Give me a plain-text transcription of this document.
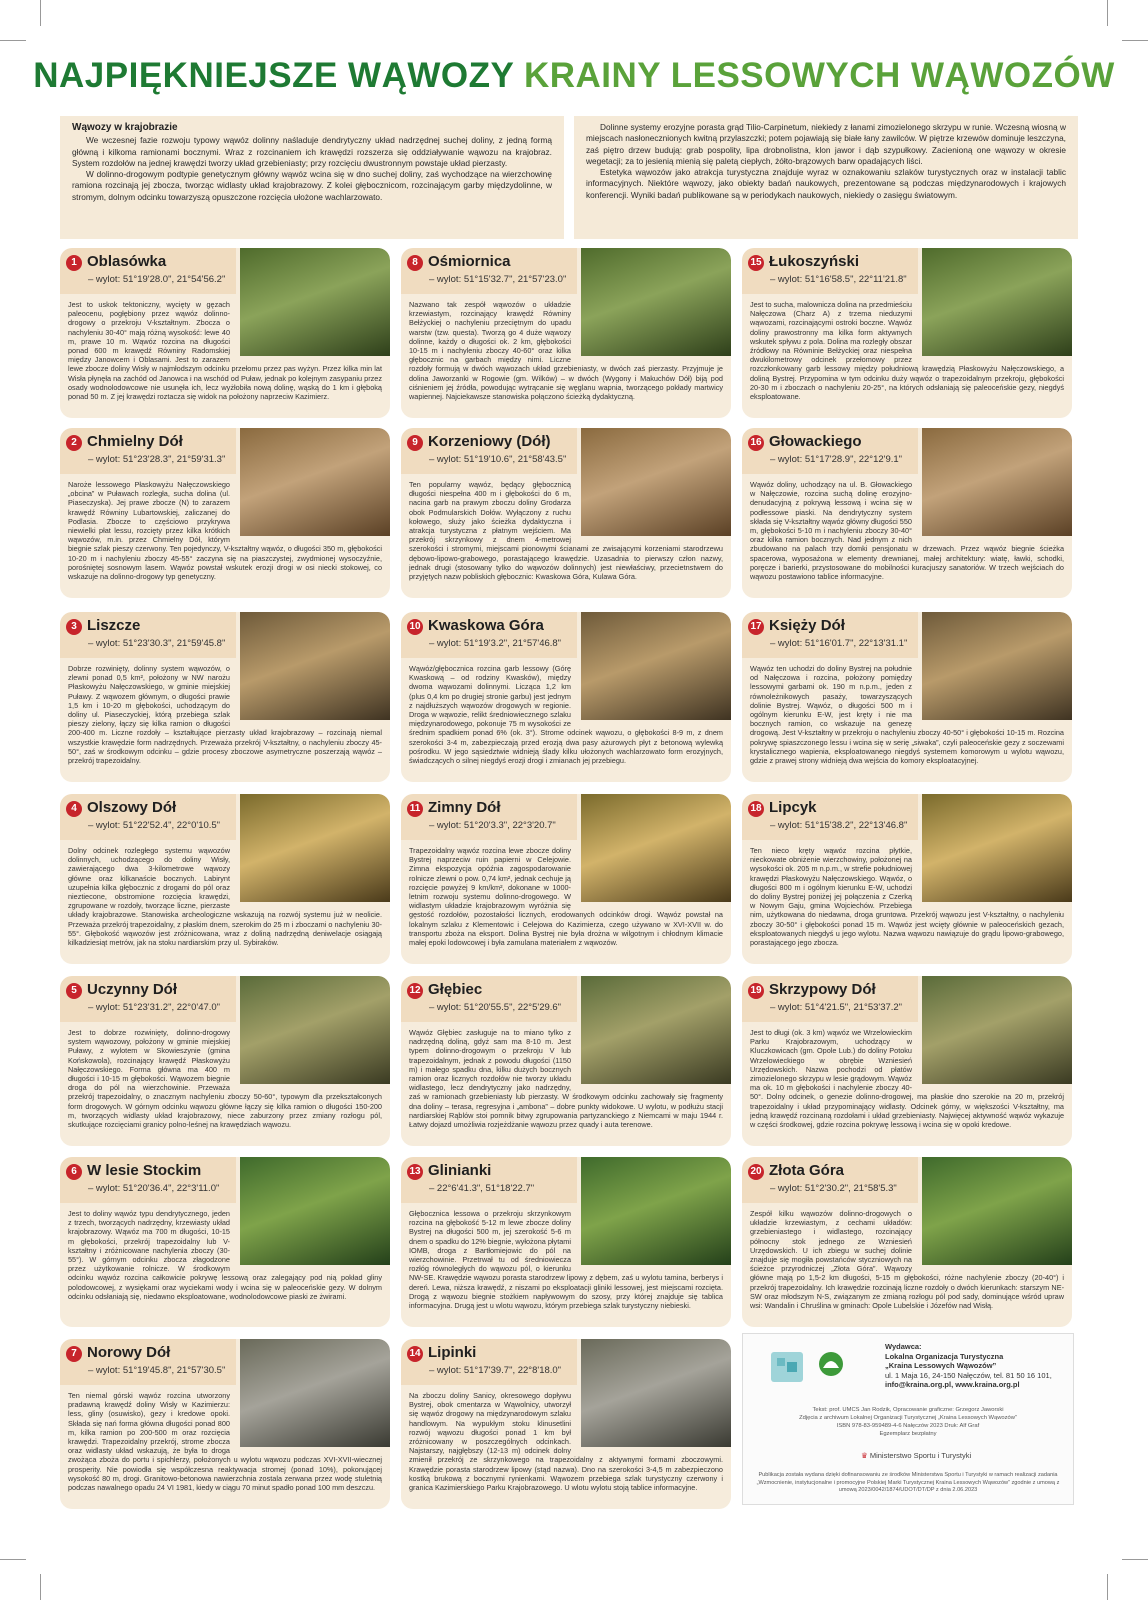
NAJPIĘKNIEJSZE WĄWOZY KRAINY LESSOWYCH WĄWOZÓW
Wąwozy w krajobrazie

We wczesnej fazie rozwoju typowy wąwóz dolinny naśladuje dendrytyczny układ nadrzędnej suchej doliny, z jedną formą główną i kilkoma ramionami bocznymi. Wraz z rozcinaniem ich krawędzi rozszerza się oddziaływanie wąwozu na krajobraz. System rozdołów na jednej krawędzi tworzy układ grzebieniasty; przy rozcięciu dwustronnym powstaje układ pierzasty.

W dolinno-drogowym podtypie genetycznym główny wąwóz wcina się w dno suchej doliny, zaś wychodzące na wierzchowinę ramiona rozcinają jej zbocza, tworząc widlasty układ krajobrazowy. Z kolei głębocznicom, rozcinającym garby międzydolinne, w stromym, dolnym odcinku towarzyszą opuszczone rozcięcia ułożone wachlarzowato.

Dolinne systemy erozyjne porasta grąd Tilio-Carpinetum, niekiedy z łanami zimozielonego skrzypu w runie. Wczesną wiosną w miejscach nasłonecznionych kwitną przylaszczki; potem pojawiają się białe łany zawilców. W piętrze krzewów dominuje leszczyna, zaś piętro drzew budują: grab pospolity, lipa drobnolistna, klon jawor i dąb szypułkowy. Zacienioną one wąwozy w okresie wegetacji; za to jesienią mienią się paletą ciepłych, żółto-brązowych barw opadających liści.

Estetyka wąwozów jako atrakcja turystyczna znajduje wyraz w oznakowaniu szlaków turystycznych oraz w instalacji tablic informacyjnych. Niektóre wąwozy, jako obiekty badań naukowych, prezentowane są podczas międzynarodowych i krajowych konferencji. Wyniki badań publikowane są w periodykach naukowych, niekiedy o zasięgu światowym.

1 Oblasówka
– wylot: 51°19'28.0", 21°54'56.2"
Jest to uskok tektoniczny, wycięty w gęzach paleocenu, pogłębiony przez wąwóz dolinno-drogowy o przekroju V-kształtnym. Zbocza o nachyleniu 30-40° mają różną wysokość: lewe 40 m, prawe 10 m. Wąwóz rozcina na długości ponad 600 m krawędź Równiny Radomskiej między Janowcem i Oblasami. Jest to zarazem lewe zbocze doliny Wisły w najmłodszym odcinku przełomu przez pas wyżyn. Przez kilka min lat Wisła płynęła na zachód od Janowca i na wschód od Puław, jednak po kolejnym zasypaniu przez osady wodnolodowcowe nie usunęła ich, lecz wyżłobiła nową dolinę, wąską do 1 km i głęboką ponad 50 m. Z jej krawędzi roztacza się widok na położony naprzeciw Kazimierz.
2 Chmielny Dół
– wylot: 51°23'28.3", 21°59'31.3"
Naroże lessowego Płaskowyżu Nałęczowskiego „obcina” w Puławach rozległa, sucha dolina (ul. Piaseczyska). Jej prawe zbocze (N) to zarazem krawędź Równiny Lubartowskiej, zaliczanej do Podlasia. Zbocze to częściowo przykrywa niewielki płat lessu, rozcięty przez kilka krótkich wąwozów, m.in. przez Chmielny Dół, którym biegnie szlak pieszy czerwony. Ten pojedynczy, V-kształtny wąwóz, o długości 350 m, głębokości 10-20 m i nachyleniu zboczy 45-55° zaczyna się na piaszczystej, zwydmionej wysoczyźnie, porośniętej sosnowym lasem. Wąwóz powstał wskutek erozji drogi w osi niecki stokowej, co wskazuje na dolinno-drogowy typ genetyczny.
3 Liszcze
– wylot: 51°23'30.3", 21°59'45.8"
Dobrze rozwinięty, dolinny system wąwozów, o zlewni ponad 0,5 km², położony w NW narożu Płaskowyżu Nałęczowskiego, w gminie miejskiej Puławy. Z wąwozem głównym, o długości prawie 1,5 km i 10-20 m głębokości, uchodzącym do doliny ul. Piaseczyckiej, którą przebiega szlak pieszy zielony, łączy się kilka ramion o długości 200-400 m. Liczne rozdoły – kształtujące pierzasty układ krajobrazowy – rozcinają niemal wszystkie krawędzie form nadrzędnych. Przeważa przekrój V-kształtny, o nachyleniu zboczy 45-50°, zaś w środkowym odcinku – gdzie procesy zboczowe asymetryczne poszerzają wąwóz – przekrój trapezoidalny.
4 Olszowy Dół
– wylot: 51°22'52.4", 22°0'10.5"
Dolny odcinek rozległego systemu wąwozów dolinnych, uchodzącego do doliny Wisły, zawierającego dwa 3-kilometrowe wąwozy główne oraz kilkanaście bocznych. Labirynt uzupełnia kilka głębocznic z drogami do pól oraz nieztiecone, obstromione rozcięcia krawędzi, zgrupowane w rozdoły, tworzące liczne, pierzaste układy krajobrazowe. Stanowiska archeologiczne wskazują na rozwój systemu już w neolicie. Przeważa przekrój trapezoidalny, z płaskim dnem, szerokim do 25 m i zboczami o nachyleniu 30-55°. Głębokość wąwozów jest zróżnicowana, wraz z doliną nadrzędną deniwelacje osiągają kilkadziesiąt metrów, jak na stoku nardiarskim przy ul. Sybiraków.
5 Uczynny Dół
– wylot: 51°23'31.2", 22°0'47.0"
Jest to dobrze rozwinięty, dolinno-drogowy system wąwozowy, położony w gminie miejskiej Puławy, z wylotem w Skowieszynie (gmina Końskowola), rozcinający krawędź Płaskowyżu Nałęczowskiego. Forma główna ma 400 m długości i 10-15 m głębokości. Wąwozem biegnie droga do pól na wierzchowinie. Przeważa przekrój trapezoidalny, o znacznym nachyleniu zboczy 50-60°, typowym dla przekształconych form drogowych. W górnym odcinku wąwozu główne łączy się kilka ramion o długości 150-200 m, tworzących widlasty układ krajobrazowy, niece zaburzony przez zmiany rozłogu pól, skutkujące rozcięciami granicy polno-leśnej na krawędziach wąwozu.
6 W lesie Stockim
– wylot: 51°20'36.4", 22°3'11.0"
Jest to doliny wąwóz typu dendrytycznego, jeden z trzech, tworzących nadrzędny, krzewiasty układ krajobrazowy. Wąwóz ma 700 m długości, 10-15 m głębokości, przekrój trapezoidalny lub V-kształtny i zróżnicowane nachylenia zboczy (30-55°). W górnym odcinku zbocza złagodzone przez użytkowanie rolnicze. W środkowym odcinku wąwóz rozcina całkowicie pokrywę lessową oraz zalegający pod nią pokład gliny polodowcowej, z wysiękami oraz wyciekami wody i wcina się w paleoceńskie gezy. W dolnym odcinku odsłaniają się, niedawno eksploatowane, wodnolodowcowe piaski ze żwirami.
7 Norowy Dół
– wylot: 51°19'45.8", 21°57'30.5"
Ten niemal górski wąwóz rozcina utworzony pradawną krawędź doliny Wisły w Kazimierzu: less, gliny (osuwisko), gezy i kredowe opoki. Składa się nań forma główna długości ponad 800 m, kilka ramion po 200-500 m oraz rozcięcia krawędzi. Trapezoidalny przekrój, strome zbocza oraz widlasty układ wskazują, że była to droga zwożąca zboża do portu i spichlerzy, położonych u wylotu wąwozu podczas XVI-XVII-wiecznej prosperity. Nie powiodła się współczesna reaktywacja stromej (ponad 10%), pokonującej wysokość 80 m, drogi. Granitowo-betonowa nawierzchnia zostala zerwana przez wodę stuletnią podczas nawalnego opadu 24 VI 1981, kiedy w ciągu 70 minut spadło ponad 100 mm deszczu.
8 Ośmiornica
– wylot: 51°15'32.7", 21°57'23.0"
Nazwano tak zespół wąwozów o układzie krzewiastym, rozcinający krawędź Równiny Bełżyckiej o nachyleniu przeciętnym do upadu warstw (tzw. questa). Tworzą go 4 duże wąwozy dolinne, każdy o długości ok. 2 km, głębokości 10-15 m i nachyleniu zboczy 40-60° oraz kilka głębocznic na garbach między nimi. Liczne rozdoły formują w dwóch wąwozach układ grzebieniasty, w dwóch zaś pierzasty. Przyjmuje je dolina Jaworzanki w Rogowie (gm. Wilków) – w dwóch (Wygony i Makuchów Dół) biją pod ciśnieniem jej źródła, powodując wytrącanie się węglanu wapnia, tworzącego pokłady martwicy wapiennej. Najciekawsze stanowiska połączono ścieżką dydaktyczną.
9 Korzeniowy (Dół)
– wylot: 51°19'10.6", 21°58'43.5"
Ten popularny wąwóz, będący głębocznicą długości niespełna 400 m i głębokości do 6 m, nacina garb na prawym zboczu doliny Grodarza obok Podmularskich Dołów. Wyłączony z ruchu kołowego, służy jako ścieżka dydaktyczna i atrakcja turystyczna z płatnym wejściem. Ma przekrój skrzynkowy z dnem 4-metrowej szerokości i stromymi, miejscami pionowymi ścianami ze zwisającymi korzeniami starodrzewu dębowo-lipowo-grabowego, porastającego krawędzie. Uzasadnia to pierwszy człon nazwy, jednak drugi (stosowany tylko do wąwozów dolinnych) jest niewłaściwy, przecietnstwem do przyjętych nazw pobliskich głębocznic: Kwaskowa Góra, Kulawa Góra.
10 Kwaskowa Góra
– wylot: 51°19'3.2", 21°57'46.8"
Wąwóz/głębocznica rozcina garb lessowy (Górę Kwaskową – od rodziny Kwasków), między dwoma wąwozami dolinnymi. Licząca 1,2 km (plus 0,4 km po drugiej stronie garbu) jest jednym z najdłuższych wąwozów drogowych w regionie. Droga w wąwozie, relikt średniowiecznego szlaku międzynarodowego, pokonuje 75 m wysokości ze średnim spadkiem ponad 6% (ok. 3°). Strome odcinek wąwozu, o głębokości 8-9 m, z dnem szerokości 3-4 m, zabezpieczają przed erozją dwa pasy ażurowych płyt z betonową wylewką pośrodku. W jego sąsiedztwie widnieją ślady kilku ułożonych wachlarzowato form erozyjnych, świadczących o silnej niegdyś erozji drogi i zmianach jej przebiegu.
11 Zimny Dół
– wylot: 51°20'3.3", 22°3'20.7"
Trapezoidalny wąwóz rozcina lewe zbocze doliny Bystrej naprzeciw ruin papierni w Celejowie. Zimna ekspozycja opóźnia zagospodarowanie rolnicze zlewni o pow. 0,74 km², jednak cechuje ją rozcięcie powyżej 9 km/km², dokonane w 1000-letnim rozwoju systemu dolinno-drogowego. W widlastym układzie krajobrazowym wyróżnia się gęstość rozdołów, pozostałości licznych, erodowanych odcinków drogi. Wąwóz powstał na lokalnym szlaku z Klementowic i Celejowa do Kazimierza, czego używano w XVI-XVII w. do transportu zboża na eksport. Dolina Bystrej nie była drożna w wilgotnym i chłodnym klimacie małej epoki lodowcowej i była zamulana materiałem z wąwozów.
12 Głębiec
– wylot: 51°20'55.5", 22°5'29.6"
Wąwóz Głębiec zasługuje na to miano tylko z nadrzędną doliną, gdyż sam ma 8-10 m. Jest typem dolinno-drogowym o przekroju V lub trapezoidalnym, jednak z powodu długości (1150 m) i małego spadku dna, kilku dużych bocznych ramion oraz licznych rozdołów nie tworzy układu widlastego, lecz dendrytyczny jako nadrzędny, zaś w ramionach grzebieniasty lub pierzasty. W środkowym odcinku zachowały się fragmenty dna doliny – terasa, regresyjna i „ambona” – dobre punkty widokowe. U wylotu, w podłużu stacji nardiarskiej Rąblów stoi pomnik bitwy zgrupowania partyzanckiego z Niemcami w maju 1944 r. Łatwy dojazd umożliwia rozjeżdżanie wąwozu przez quady i auta terenowe.
13 Glinianki
– 22°6'41.3", 51°18'22.7"
Głębocznica lessowa o przekroju skrzynkowym rozcina na głębokość 5-12 m lewe zbocze doliny Bystrej na długości 500 m, jej szerokość 5-6 m dnem o spadku do 12% biegnie, wyłożona płytami IOMB, droga z Bartłomiejowic do pól na wierzchowinie. Przetrwał tu od średniowiecza rozłóg równoległych do wąwozu pól, o kierunku NW-SE. Krawędzie wąwozu porasta starodrzew lipowy z dębem, zaś u wylotu tamina, berberys i dereń. Lewa, niższa krawędź, z niszami po eksploatacji gliniki lessowej, jest miejscami rozcięta. Drogą z wąwozu biegnie stożkiem napływowym do szosy, przy której znajduje się tablica informacyjna. Drugą jest u wlotu wąwozu, którym przebiega szlak turystyczny niebieski.
14 Lipinki
– wylot: 51°17'39.7", 22°8'18.0"
Na zboczu doliny Sanicy, okresowego dopływu Bystrej, obok cmentarza w Wąwolnicy, utworzył się wąwóz drogowy na międzynarodowym szlaku handlowym. Na wypukłym stoku klinusetlini rozwój wąwozu długości ponad 1 km był zróżnicowany w poszczególnych odcinkach. Najstarszy, najgłębszy (12-13 m) odcinek dolny zmienił przekrój ze skrzynkowego na trapezoidalny z aktywnymi formami zboczowymi. Krawędzie porasta starodrzew lipowy (stąd nazwa). Dno na szerokości 3-4,5 m zabezpieczono kostką brukową z bocznymi rynienkami. Wąwozem przebiega szlak turystyczny czerwony i granica Kazimierskiego Parku Krajobrazowego. U wlotu wylotu stoją tablice informacyjne.
15 Łukoszyński
– wylot: 51°16'58.5", 22°11'21.8"
Jest to sucha, malownicza dolina na przedmieściu Nałęczowa (Charz A) z trzema nieduzymi wąwozami, rozcinającymi ostroki boczne. Wąwóz doliny prawostronny ma kilka form aktywnych wskutek spływu z pola. Dolina ma rozległy obszar źródłowy na Równinie Bełżyckiej oraz niespełna dwukilometrowy odcinek przełomowy przez rozczłonkowany garb lessowy między południową krawędzią Płaskowyżu Nałęczowskiego, a doliną Bystrej. Przypomina w tym odcinku duży wąwóz o trapezoidalnym przekroju, głębokości 20-30 m i zboczach o nachyleniu 20-25°, na których odsłaniają się paleoceńskie gezy, niegdyś eksploatowane.
16 Głowackiego
– wylot: 51°17'28.9", 22°12'9.1"
Wąwóz doliny, uchodzący na ul. B. Głowackiego w Nałęczowie, rozcina suchą dolinę erozyjno-denudacyjną z pokrywą lessową i wcina się w podłessowe piaski. Na dendrytyczny system składa się V-kształtny wąwóz główny długości 550 m, głębokości 5-10 m i nachyleniu zboczy 30-40° oraz kilka ramion bocznych. Nad jednym z nich zbudowano na palach trzy domki pensjonatu w drzewach. Przez wąwóz biegnie ścieżka spacerowa, wyposażona w elementy drewnianej, małej architektury: wiatę, ławki, schodki, poręcze i barierki, przystosowane do mobilności kuracjuszy sanatoriów. W trzech wejściach do wąwozu postawiono tablice informacyjne.
17 Księży Dół
– wylot: 51°16'01.7", 22°13'31.1"
Wąwóz ten uchodzi do doliny Bystrej na południe od Nałęczowa i rozcina, położony pomiędzy lessowymi garbami ok. 190 m n.p.m., jeden z równoleżnikowych pasaży, towarzyszących dolinie Bystrej. Wąwóz, o długości 500 m i ogólnym kierunku E-W, jest kręty i nie ma bocznych ramion, co wskazuje na genezę drogową. Jest V-kształtny w przekroju o nachyleniu zboczy 40-50° i głębokości 10-15 m. Rozcina pokrywę spiaszczonego lessu i wcina się w serię „siwaka”, czyli paleoceńskie gezy z soczewami krystalicznego wapienia, eksploatowanego niegdyś systemem komorowym u wylotu wąwozu, gdzie z prawej strony widnieją dwa wejścia do komory eksploatacyjnej.
18 Lipcyk
– wylot: 51°15'38.2", 22°13'46.8"
Ten nieco kręty wąwóz rozcina płytkie, nieckowate obniżenie wierzchowiny, położonej na wysokości ok. 205 m n.p.m., w strefie południowej krawędzi Płaskowyżu Nałęczowskiego. Wąwóz, o długości 800 m i ogólnym kierunku E-W, uchodzi do doliny Bystrej poniżej jej połączenia z Czerką w Nowym Gaju, gmina Wojciechów. Przebiega nim, użytkowana do niedawna, droga gruntowa. Przekrój wąwozu jest V-kształtny, o nachyleniu zboczy 30-50° i głębokości ponad 15 m. Wąwóz jest wcięty głównie w paleoceńskich gezach, eksploatowanych niegdyś u jego wylotu. Nazwa wąwozu nawiązuje do grądu lipowo-grabowego, porastającego jego zbocza.
19 Skrzypowy Dół
– wylot: 51°4'21.5", 21°53'37.2"
Jest to długi (ok. 3 km) wąwóz we Wrzelowieckim Parku Krajobrazowym, uchodzący w Kluczkowicach (gm. Opole Lub.) do doliny Potoku Wrzelowieckiego w obrębie Wzniesień Urzędowskich. Nazwa pochodzi od płatów zimozielonego skrzypu w lesie grądowym. Wąwóz ma ok. 10 m głębokości i nachylenie zboczy 40-50°. Dolny odcinek, o genezie dolinno-drogowej, ma płaskie dno szerokie na 20 m, przekrój trapezoidalny i układ przypominający widlasty. Odcinek górny, w większości V-kształtny, ma jedną krawędź rozcinaną rozdołami i układ grzebieniasty. Najwięcej aktywność wąwóz wykazuje w części środkowej, gdzie rozcina pokrywę lessową i wcina się w opoki kredowe.
20 Złota Góra
– wylot: 51°2'30.2", 21°58'5.3"
Zespół kilku wąwozów dolinno-drogowych o układzie krzewiastym, z cechami układów: grzebieniastego i widlastego, rozcinający północny stok jednego ze Wzniesień Urzędowskich. U ich zbiegu w suchej dolinie znajduje się mogiła powstańców styczniowych na ścieżce przyrodniczej „Złota Góra”. Wąwozy główne mają po 1,5-2 km długości, 5-15 m głębokości, różne nachylenie zboczy (20-40°) i przekrój trapezoidalny. Ich krawędzie rozcinają liczne rozdoły o dwóch kierunkach: starszym NE-SW oraz młodszym N-S, związanym ze zmianą rozłogu pól pod sady, dominujące wśród upraw wsi: Wandalin i Chruślina w gminach: Opole Lubelskie i Józefów nad Wisłą.
Wydawca:
Lokalna Organizacja Turystyczna
„Kraina Lessowych Wąwozów”
ul. 1 Maja 16, 24-150 Nałęczów, tel. 81 50 16 101,
info@kraina.org.pl, www.kraina.org.pl
Tekst: prof. UMCS Jan Rodzik, Opracowanie graficzne: Grzegorz Jaworski
Zdjęcia z archiwum Lokalnej Organizacji Turystycznej „Kraina Lessowych Wąwozów”
ISBN 978-83-959489-4-6 Nałęczów 2023 Druk: Alf Graf
Egzemplarz bezpłatny
♛ Ministerstwo Sportu i Turystyki
Publikacja została wydana dzięki dofinansowaniu ze środków Ministerstwa Sportu i Turystyki w ramach realizacji zadania „Wzmocnienie, instytucjonalne i promocyjne Polskiej Marki Turystycznej Kraina Lessowych Wąwozów” zgodnie z umową z umową 2023/0042/1874/UDOT/DT/DP z dnia 2.06.2023
